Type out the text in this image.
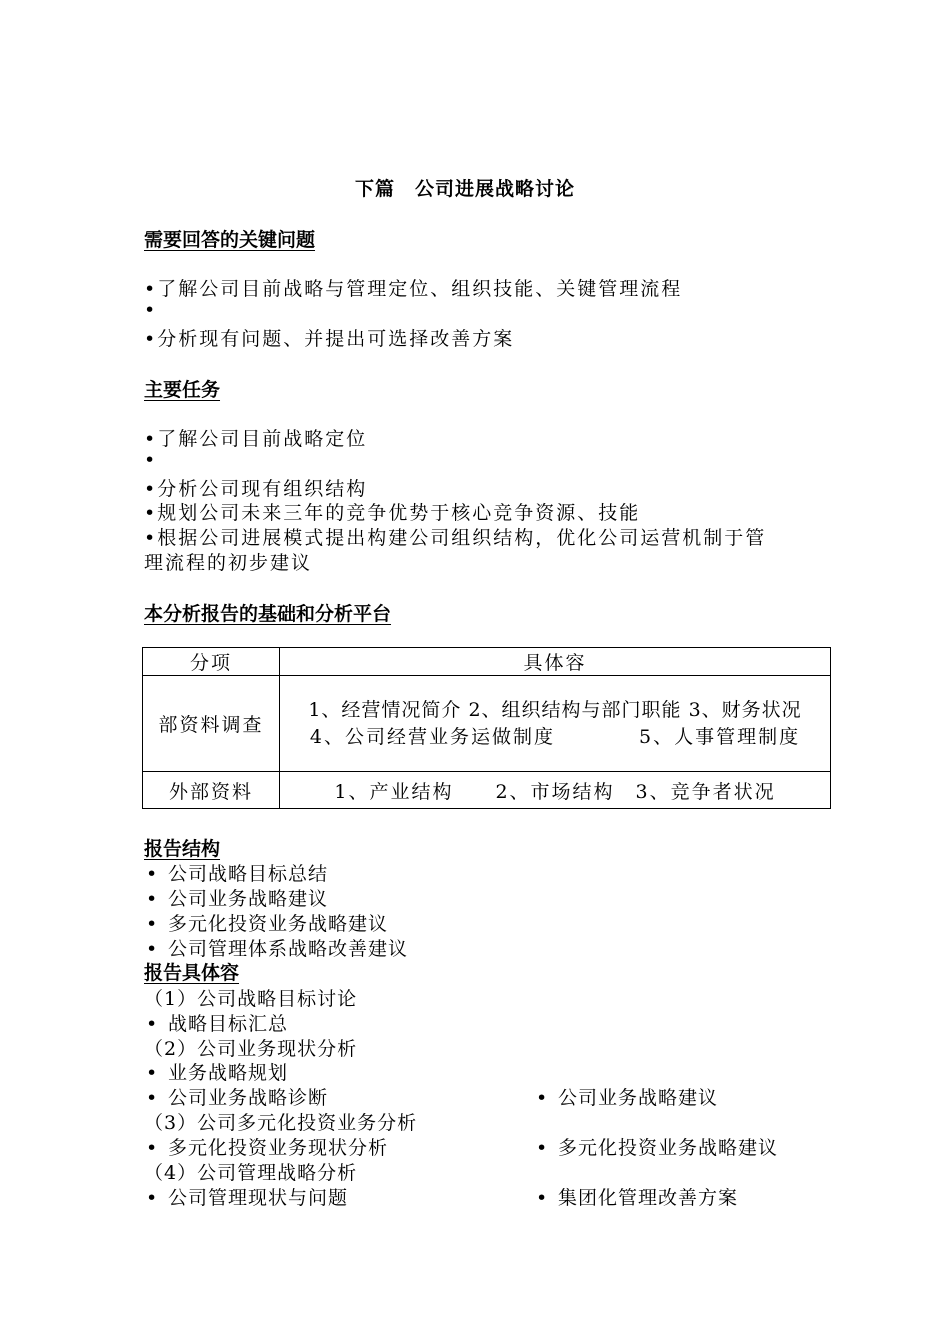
下篇　公司进展战略讨论
需要回答的关键问题
•了解公司目前战略与管理定位、组织技能、关键管理流程
•
•分析现有问题、并提出可选择改善方案
主要任务
•了解公司目前战略定位
•
•分析公司现有组织结构
•规划公司未来三年的竞争优势于核心竞争资源、技能
•根据公司进展模式提出构建公司组织结构，优化公司运营机制于管
理流程的初步建议
本分析报告的基础和分析平台
分项	具体容
部资料调查	1、经营情况简介 2、组织结构与部门职能 3、财务状况
4、公司经营业务运做制度　　　　5、人事管理制度

外部资料	1、产业结构　　2、市场结构　3、竞争者状况
报告结构
• 公司战略目标总结
• 公司业务战略建议
• 多元化投资业务战略建议
• 公司管理体系战略改善建议
报告具体容
（1）公司战略目标讨论
• 战略目标汇总
（2）公司业务现状分析
• 业务战略规划
• 公司业务战略诊断	• 公司业务战略建议
（3）公司多元化投资业务分析
• 多元化投资业务现状分析	• 多元化投资业务战略建议
（4）公司管理战略分析
• 公司管理现状与问题	• 集团化管理改善方案
